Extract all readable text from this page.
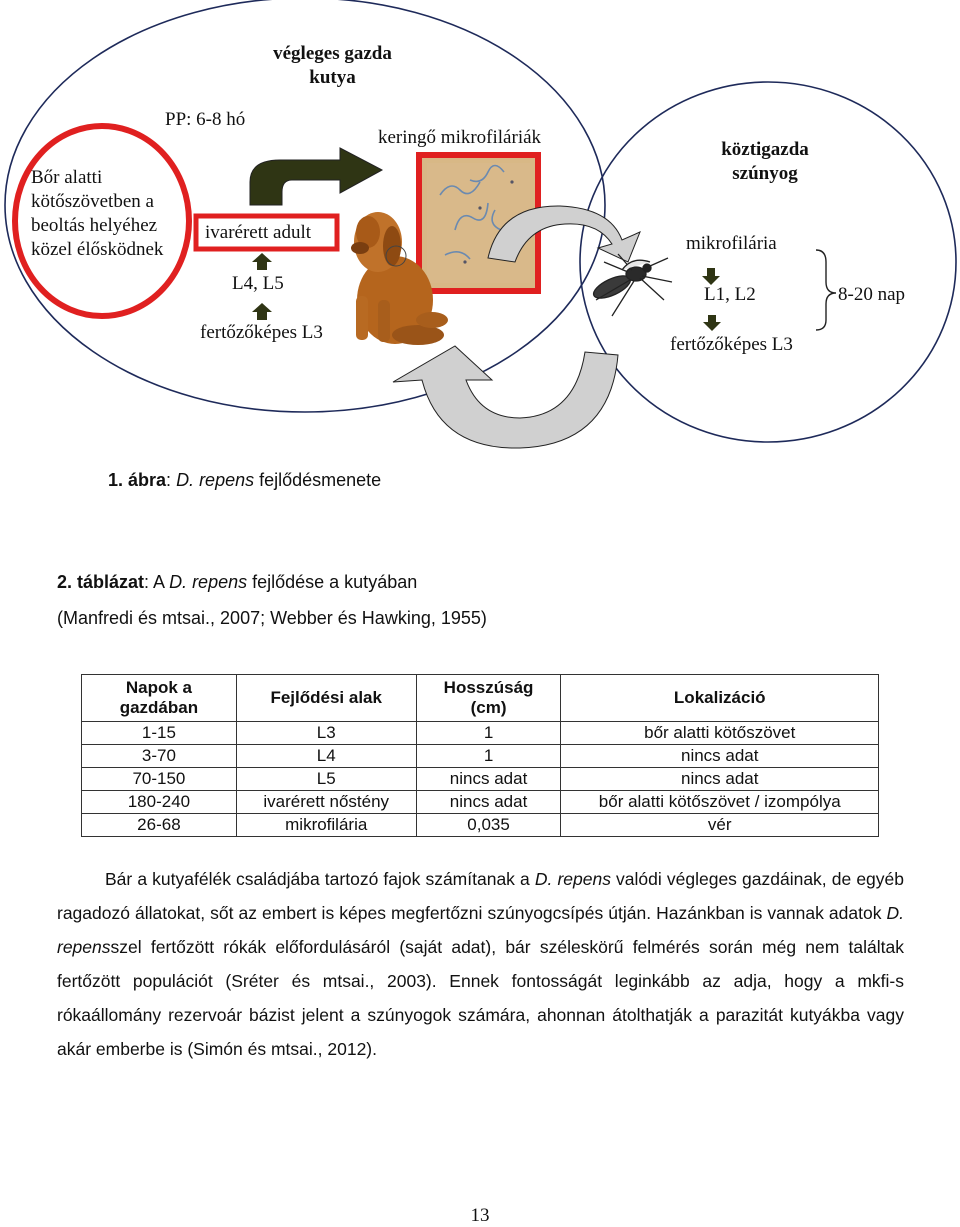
végleges gazda
kutya
PP: 6-8 hó
keringő mikrofiláriák
köztigazda
szúnyog
Bőr alatti
kötőszövetben a
beoltás helyéhez
közel élősködnek
ivarérett adult
L4, L5
fertőzőképes L3
mikrofilária
L1, L2
fertőzőképes L3
8-20 nap
1. ábra: D. repens fejlődésmenete
2. táblázat: A D. repens fejlődése a kutyában
(Manfredi és mtsai., 2007; Webber és Hawking, 1955)
Napok a
gazdában	Fejlődési alak	Hosszúság
(cm)	Lokalizáció
1-15	L3	1	bőr alatti kötőszövet
3-70	L4	1	nincs adat
70-150	L5	nincs adat	nincs adat
180-240	ivarérett nőstény	nincs adat	bőr alatti kötőszövet / izompólya
26-68	mikrofilária	0,035	vér

Bár a kutyafélék családjába tartozó fajok számítanak a D. repens valódi végleges gazdáinak, de egyéb ragadozó állatokat, sőt az embert is képes megfertőzni szúnyogcsípés útján. Hazánkban is vannak adatok D. repensszel fertőzött rókák előfordulásáról (saját adat), bár széleskörű felmérés során még nem találtak fertőzött populációt (Sréter és mtsai., 2003). Ennek fontosságát leginkább az adja, hogy a mkfi-s rókaállomány rezervoár bázist jelent a szúnyogok számára, ahonnan átolthatják a parazitát kutyákba vagy akár emberbe is (Simón és mtsai., 2012).

13
